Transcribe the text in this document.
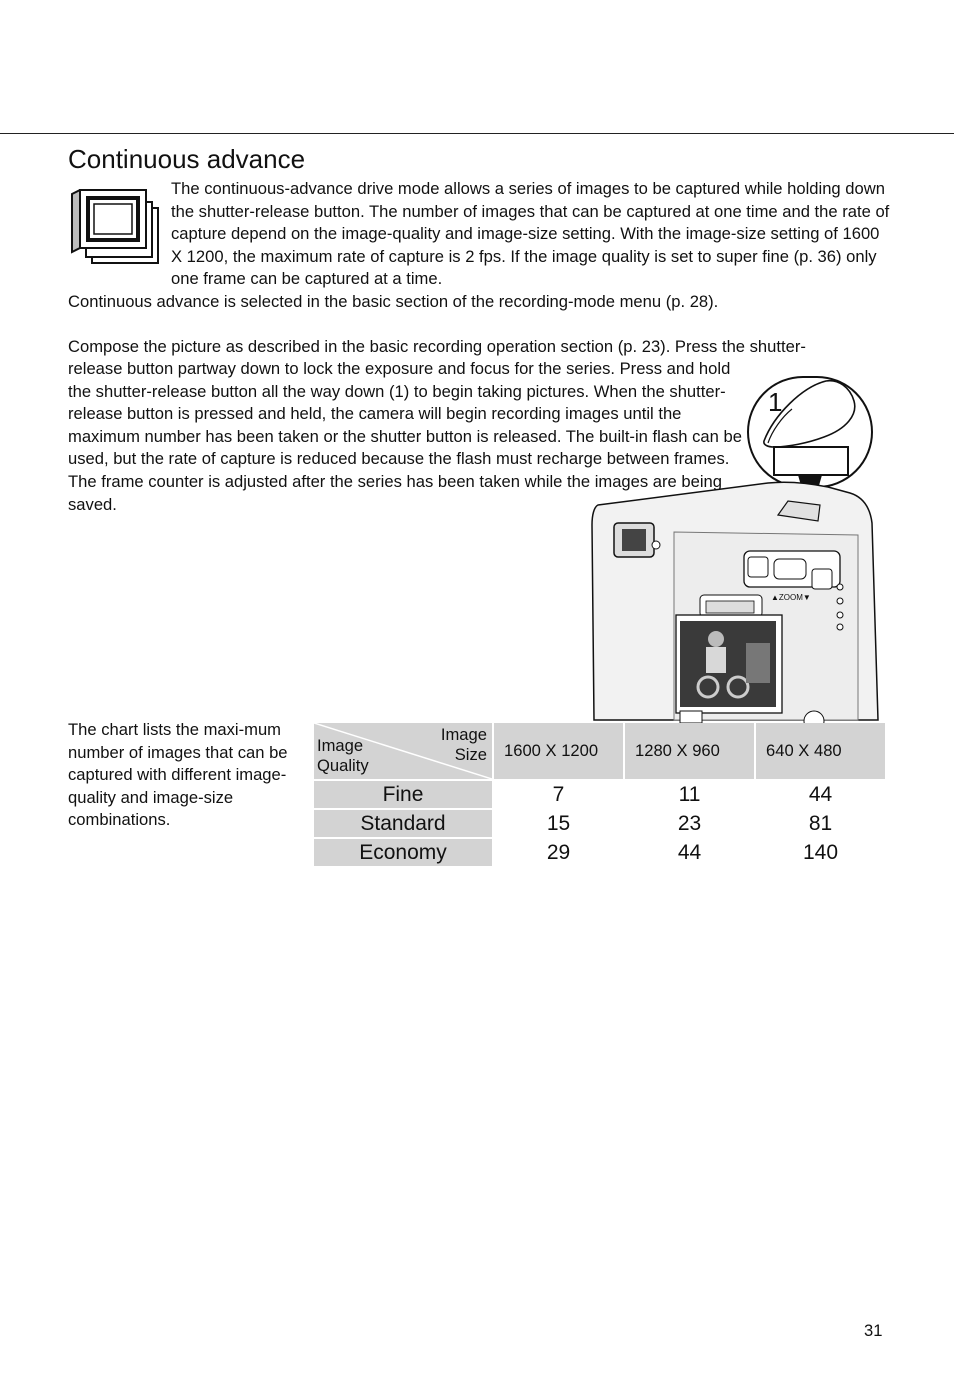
Continuous advance

The continuous-advance drive mode allows a series of images to be captured while holding down the shutter-release button. The number of images that can be captured at one time and the rate of capture depend on the image-quality and image-size setting. With the image-size setting of 1600 X 1200, the maximum rate of capture is 2 fps. If the image quality is set to super fine (p. 36) only one frame can be captured at a time.

Continuous advance is selected in the basic section of the recording-mode menu (p. 28).

Compose the picture as described in the basic recording operation section (p. 23). Press the shutter-

release button partway down to lock the exposure and focus for the series. Press and hold the shutter-release button all the way down (1) to begin taking pictures. When the shutter-release button is pressed and held, the camera will begin recording images until the maximum number has been taken or the shutter button is released. The built-in flash can be used, but the rate of capture is reduced because the flash must recharge between frames. The frame counter is adjusted after the series has been taken while the images are being saved.

1
▲ZOOM▼

The chart lists the maxi-mum number of images that can be captured with different image-quality and image-size combinations.

Image Quality
Image Size	1600 X 1200	1280 X 960	640 X 480
Fine	7	11	44
Standard	15	23	81
Economy	29	44	140
31
